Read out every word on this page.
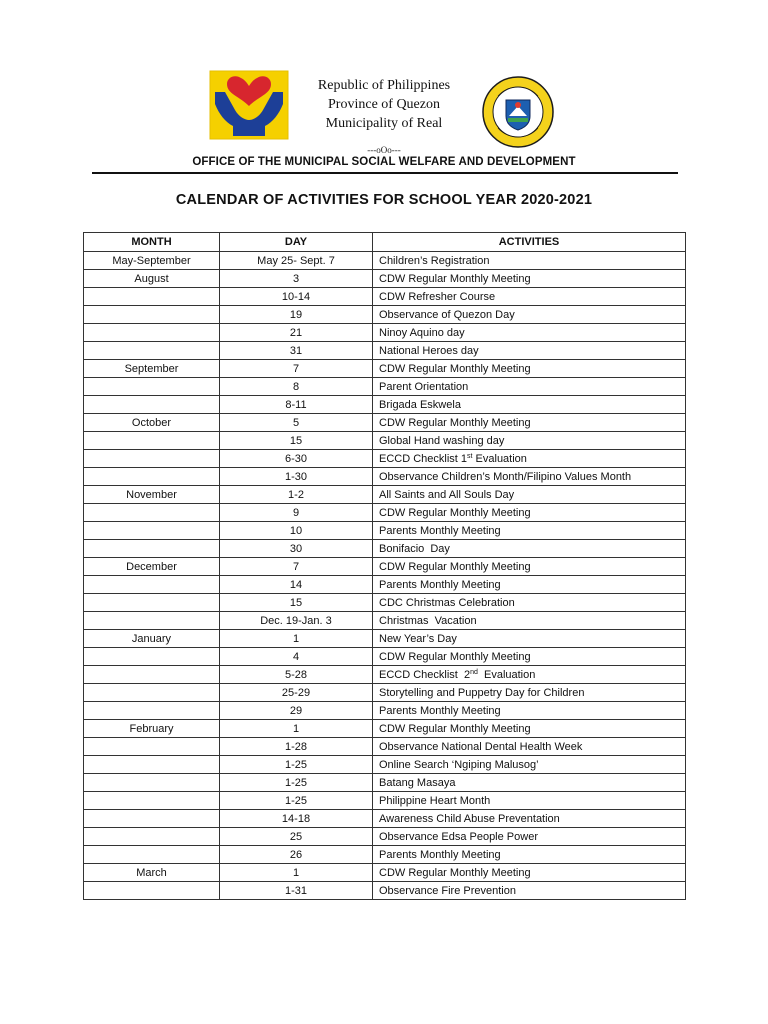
Republic of Philippines
Province of Quezon
Municipality of Real
---oOo---
OFFICE OF THE MUNICIPAL SOCIAL WELFARE AND DEVELOPMENT
CALENDAR OF ACTIVITIES FOR SCHOOL YEAR 2020-2021
MONTH	DAY	ACTIVITIES
May-September	May 25- Sept. 7	Children’s Registration
August	3	CDW Regular Monthly Meeting
	10-14	CDW Refresher Course
	19	Observance of Quezon Day
	21	Ninoy Aquino day
	31	National Heroes day
September	7	CDW Regular Monthly Meeting
	8	Parent Orientation
	8-11	Brigada Eskwela
October	5	CDW Regular Monthly Meeting
	15	Global Hand washing day
	6-30	ECCD Checklist 1st Evaluation
	1-30	Observance Children’s Month/Filipino Values Month
November	1-2	All Saints and All Souls Day
	9	CDW Regular Monthly Meeting
	10	Parents Monthly Meeting
	30	Bonifacio  Day
December	7	CDW Regular Monthly Meeting
	14	Parents Monthly Meeting
	15	CDC Christmas Celebration
	Dec. 19-Jan. 3	Christmas  Vacation
January	1	New Year’s Day
	4	CDW Regular Monthly Meeting
	5-28	ECCD Checklist  2nd  Evaluation
	25-29	Storytelling and Puppetry Day for Children
	29	Parents Monthly Meeting
February	1	CDW Regular Monthly Meeting
	1-28	Observance National Dental Health Week
	1-25	Online Search ‘Ngiping Malusog’
	1-25	Batang Masaya
	1-25	Philippine Heart Month
	14-18	Awareness Child Abuse Preventation
	25	Observance Edsa People Power
	26	Parents Monthly Meeting
March	1	CDW Regular Monthly Meeting
	1-31	Observance Fire Prevention
